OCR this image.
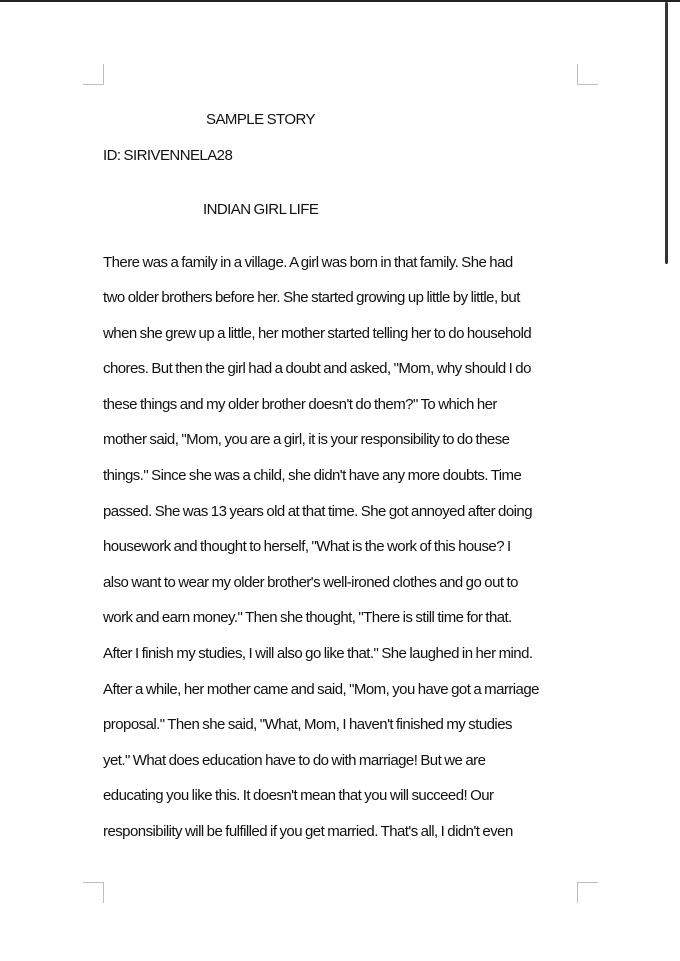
SAMPLE STORY

ID: SIRIVENNELA28

INDIAN GIRL LIFE

There was a family in a village. A girl was born in that family. She had

two older brothers before her. She started growing up little by little, but

when she grew up a little, her mother started telling her to do household

chores. But then the girl had a doubt and asked, "Mom, why should I do

these things and my older brother doesn't do them?" To which her

mother said, "Mom, you are a girl, it is your responsibility to do these

things." Since she was a child, she didn't have any more doubts. Time

passed. She was 13 years old at that time. She got annoyed after doing

housework and thought to herself, "What is the work of this house? I

also want to wear my older brother's well-ironed clothes and go out to

work and earn money." Then she thought, "There is still time for that.

After I finish my studies, I will also go like that." She laughed in her mind.

After a while, her mother came and said, "Mom, you have got a marriage

proposal." Then she said, "What, Mom, I haven't finished my studies

yet." What does education have to do with marriage! But we are

educating you like this. It doesn't mean that you will succeed! Our

responsibility will be fulfilled if you get married. That's all, I didn't even
